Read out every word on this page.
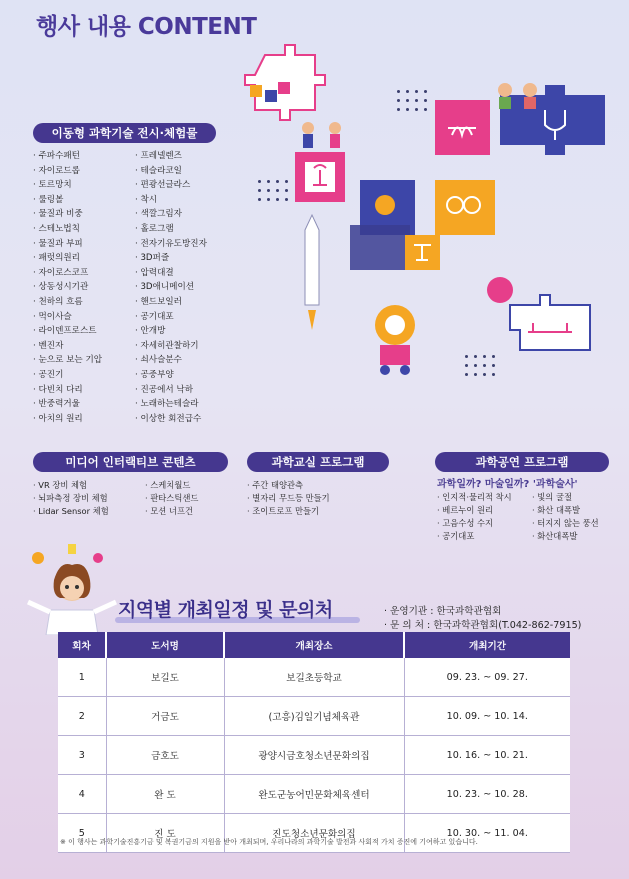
행사 내용 CONTENT
이동형 과학기술 전시·체험물
· 주파수패턴
· 자이로드롭
· 토르망치
· 룰링볼
· 물질과 비중
· 스테노법칙
· 물질과 부피
· 패럿의원리
· 자이로스코프
· 상동성시기관
· 천하의 흐름
· 먹이사슬
· 라이덴프로스트
· 벤진자
· 눈으로 보는 기압
· 공진기
· 다빈치 다리
· 반중력거울
· 아치의 원리
· 프레넬렌즈
· 테슬라코일
· 편광선글라스
· 착시
· 색깔그림자
· 홀로그램
· 전자기유도방진자
· 3D퍼즐
· 압력대결
· 3D애니메이션
· 핸드보일러
· 공기대포
· 안개방
· 자세히관찰하기
· 쇠사슬분수
· 공중부양
· 진공에서 낙하
· 노래하는테슬라
· 이상한 회전급수
미디어 인터랙티브 콘텐츠
· VR 장비 체험
· 뇌파측정 장비 체험
· Lidar Sensor 체험
· 스케치월드
· 판타스틱샌드
· 모션 너프건
과학교실 프로그램
· 주간 태양관측
· 별자리 무드등 만들기
· 조이트로프 만들기
과학공연 프로그램
과학일까? 마술일까? '과학술사'
· 인지적·물리적 착시
· 베르누이 원리
· 고음수성 수지
· 공기대포
· 빛의 굴절
· 화산 대폭발
· 터지지 않는 풍선
· 화산대폭발
지역별 개최일정 및 문의처	· 운영기관 : 한국과학관협회
· 문 의 처 : 한국과학관협회(T.042-862-7915)
회차	도서명	개최장소	개최기간
1	보길도	보길초등학교	09. 23. ~ 09. 27.
2	거금도	(고흥)김일기념체육관	10. 09. ~ 10. 14.
3	금호도	광양시금호청소년문화의집	10. 16. ~ 10. 21.
4	완 도	완도군농어민문화체육센터	10. 23. ~ 10. 28.
5	진 도	진도청소년문화의집	10. 30. ~ 11. 04.
※ 이 행사는 과학기술진흥기금 및 복권기금의 지원을 받아 개최되며, 우리나라의 과학기술 발전과 사회적 가치 증진에 기여하고 있습니다.
